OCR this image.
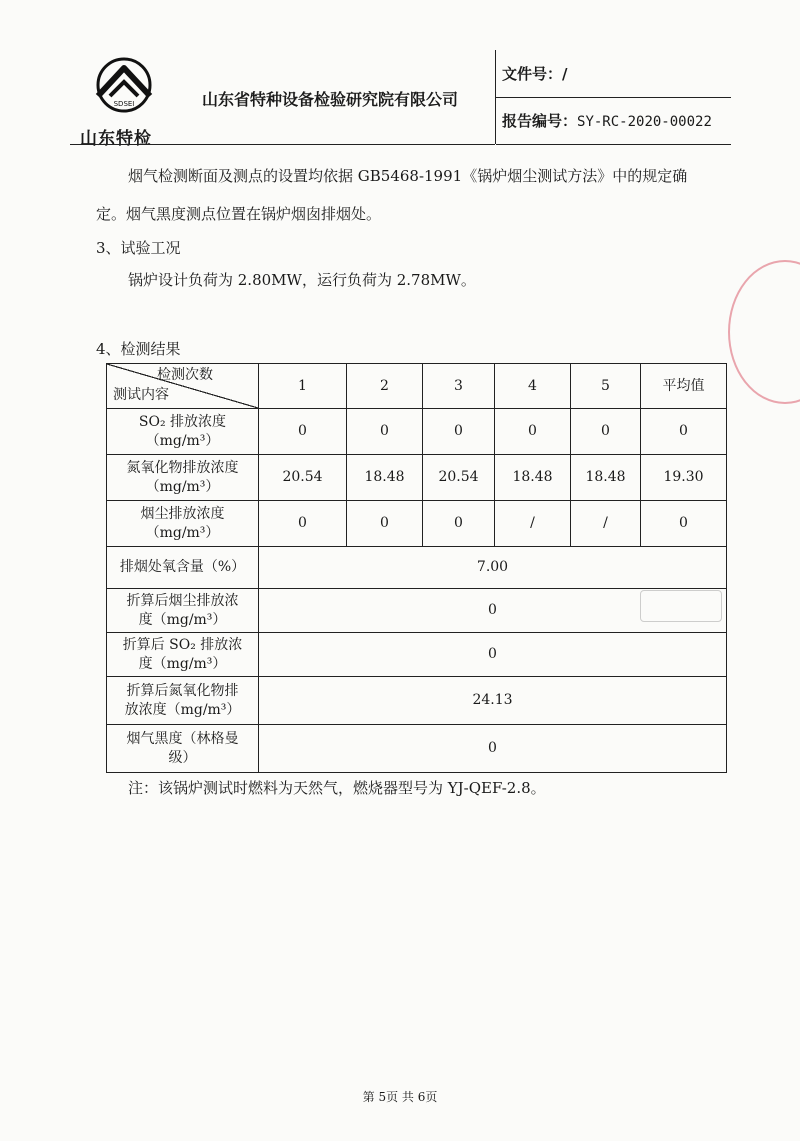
SDSEI
山东特检
山东省特种设备检验研究院有限公司
文件号：/
报告编号：SY-RC-2020-00022
烟气检测断面及测点的设置均依据 GB5468-1991《锅炉烟尘测试方法》中的规定确
定。烟气黑度测点位置在锅炉烟囱排烟处。
3、试验工况
锅炉设计负荷为 2.80MW，运行负荷为 2.78MW。
4、检测结果
检测次数
测试内容	1	2	3	4	5	平均值
SO₂ 排放浓度
（mg/m³）	0	0	0	0	0	0
氮氧化物排放浓度
（mg/m³）	20.54	18.48	20.54	18.48	18.48	19.30
烟尘排放浓度
（mg/m³）	0	0	0	/	/	0
排烟处氧含量（%）	7.00					
折算后烟尘排放浓
度（mg/m³）	0					
折算后 SO₂ 排放浓
度（mg/m³）	0					
折算后氮氧化物排
放浓度（mg/m³）	24.13					
烟气黑度（林格曼
级）	0					
注：该锅炉测试时燃料为天然气，燃烧器型号为 YJ-QEF-2.8。
第 5页 共 6页
